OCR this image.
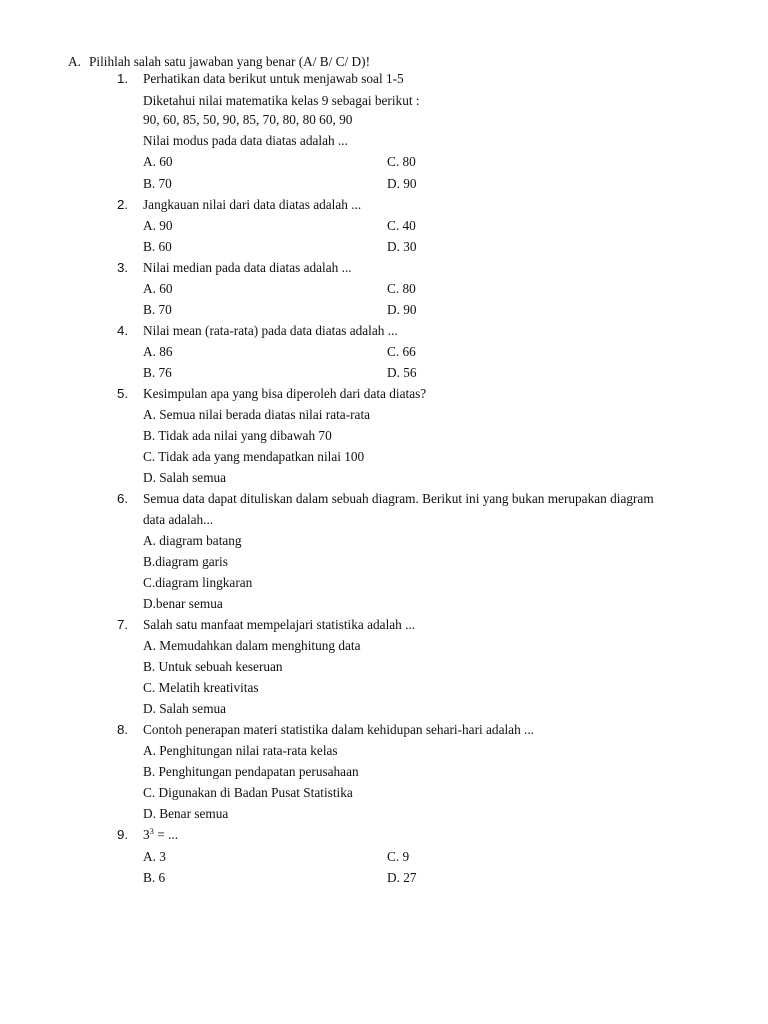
A. Pilihlah salah satu jawaban yang benar (A/ B/ C/ D)!
1. Perhatikan data berikut untuk menjawab soal 1-5
Diketahui nilai matematika kelas 9 sebagai berikut :
90, 60, 85, 50, 90, 85, 70, 80, 80 60, 90
Nilai modus pada data diatas adalah ...
A. 60	C. 80
B. 70	D. 90
2. Jangkauan nilai dari data diatas adalah ...
A. 90	C. 40
B. 60	D. 30
3. Nilai median pada data diatas adalah ...
A. 60	C. 80
B. 70	D. 90
4. Nilai mean (rata-rata) pada data diatas adalah ...
A. 86	C. 66
B. 76	D. 56
5. Kesimpulan apa yang bisa diperoleh dari data diatas?
A. Semua nilai berada diatas nilai rata-rata
B. Tidak ada nilai yang dibawah 70
C. Tidak ada yang mendapatkan nilai 100
D. Salah semua
6. Semua data dapat dituliskan dalam sebuah diagram. Berikut ini yang bukan merupakan diagram
data adalah...
A. diagram batang
B.diagram garis
C.diagram lingkaran
D.benar semua
7. Salah satu manfaat mempelajari statistika adalah ...
A. Memudahkan dalam menghitung data
B. Untuk sebuah keseruan
C. Melatih kreativitas
D. Salah semua
8. Contoh penerapan materi statistika dalam kehidupan sehari-hari adalah ...
A. Penghitungan nilai rata-rata kelas
B. Penghitungan pendapatan perusahaan
C. Digunakan di Badan Pusat Statistika
D. Benar semua
9. $3^3$ = ...
A. 3	C. 9
B. 6	D. 27
